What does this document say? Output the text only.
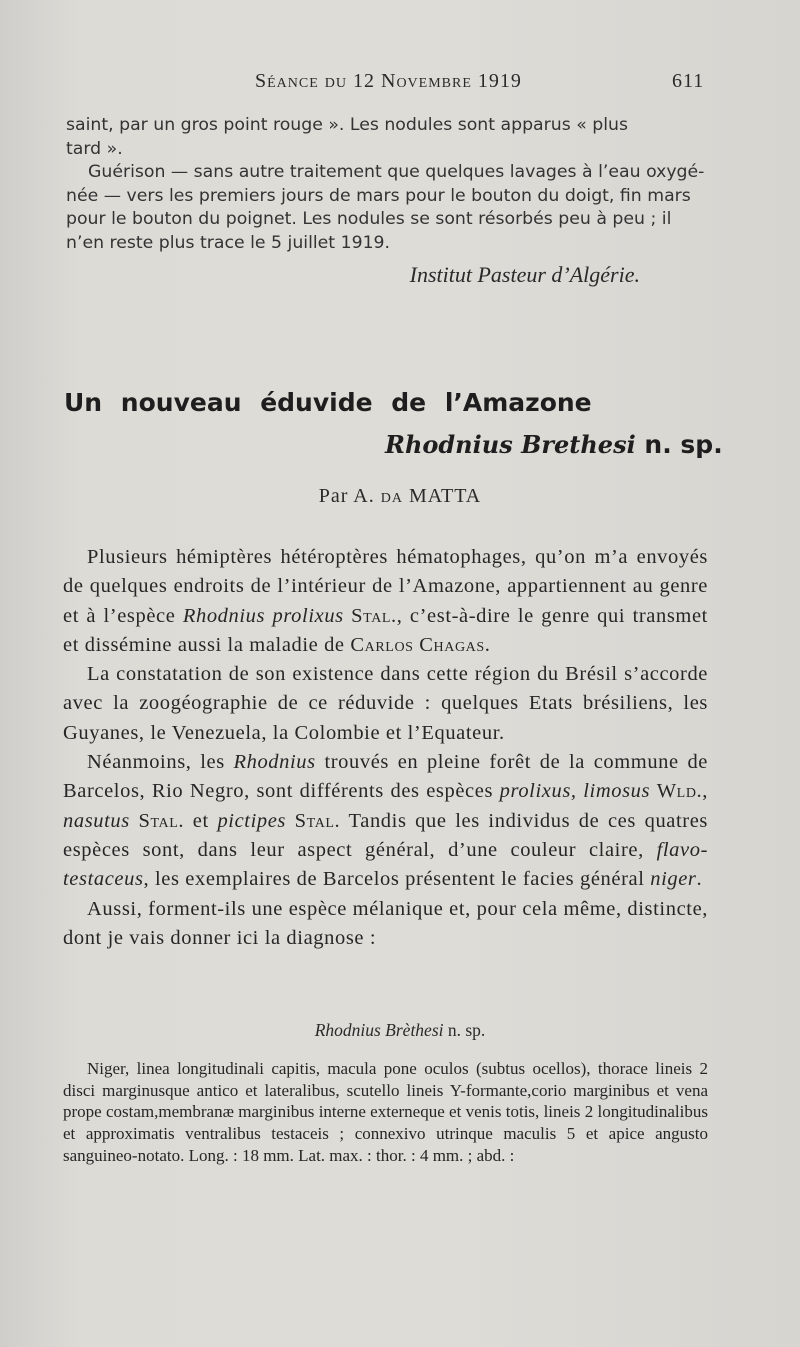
Séance du 12 Novembre 1919	611

saint, par un gros point rouge ». Les nodules sont apparus « plus

tard ».

Guérison — sans autre traitement que quelques lavages à l’eau oxygé-

née — vers les premiers jours de mars pour le bouton du doigt, fin mars

pour le bouton du poignet. Les nodules se sont résorbés peu à peu ; il

n’en reste plus trace le 5 juillet 1919.

Institut Pasteur d’Algérie.
Un nouveau éduvide de l’Amazone
Rhodnius Brethesi n. sp.
Par A. da MATTA

Plusieurs hémiptères hétéroptères hématophages, qu’on m’a envoyés de quelques endroits de l’intérieur de l’Amazone, appartiennent au genre et à l’espèce Rhodnius prolixus Stal., c’est-à-dire le genre qui transmet et dissémine aussi la maladie de Carlos Chagas.

La constatation de son existence dans cette région du Brésil s’accorde avec la zoogéographie de ce réduvide : quelques Etats brésiliens, les Guyanes, le Venezuela, la Colombie et l’Equateur.

Néanmoins, les Rhodnius trouvés en pleine forêt de la commune de Barcelos, Rio Negro, sont différents des espèces prolixus, limosus Wld., nasutus Stal. et pictipes Stal. Tandis que les individus de ces quatres espèces sont, dans leur aspect général, d’une couleur claire, flavo-testaceus, les exemplaires de Barcelos présentent le facies général niger.

Aussi, forment-ils une espèce mélanique et, pour cela même, distincte, dont je vais donner ici la diagnose :

Rhodnius Brèthesi n. sp.

Niger, linea longitudinali capitis, macula pone oculos (subtus ocellos), thorace lineis 2 disci marginusque antico et lateralibus, scutello lineis Y-formante,corio marginibus et vena prope costam,membranæ marginibus interne externeque et venis totis, lineis 2 longitudinalibus et approximatis ventralibus testaceis ; connexivo utrinque maculis 5 et apice angusto sanguineo-notato. Long. : 18 mm. Lat. max. : thor. : 4 mm. ; abd. :
